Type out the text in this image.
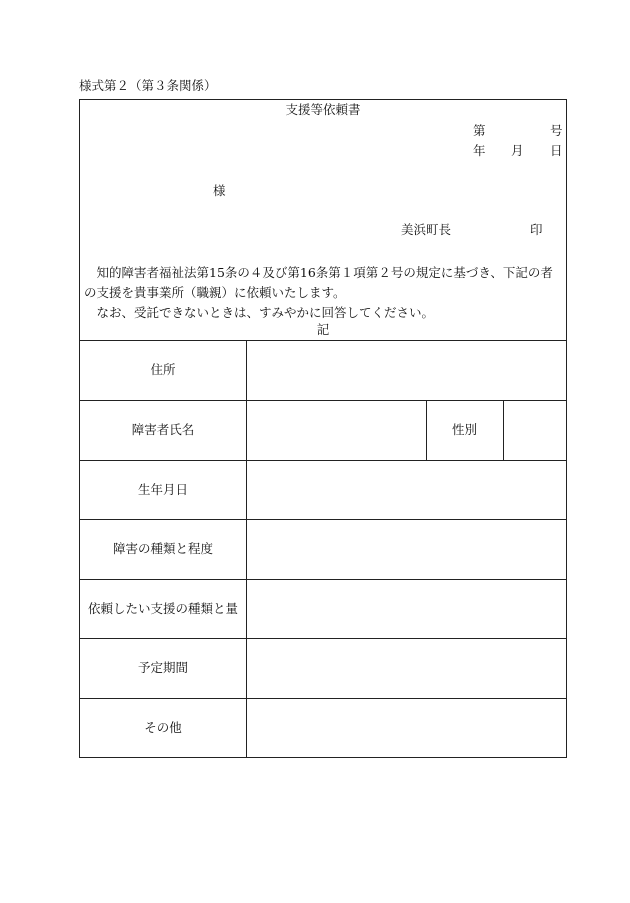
様式第２（第３条関係）
支援等依頼書
第	号
年 月 日
様
美浜町長	印
　知的障害者福祉法第15条の４及び第16条第１項第２号の規定に基づき、下記の者の支援を貴事業所（職親）に依頼いたします。
　なお、受託できないときは、すみやかに回答してください。
記
住所
障害者氏名	性別
生年月日
障害の種類と程度
依頼したい支援の種類と量
予定期間
その他
